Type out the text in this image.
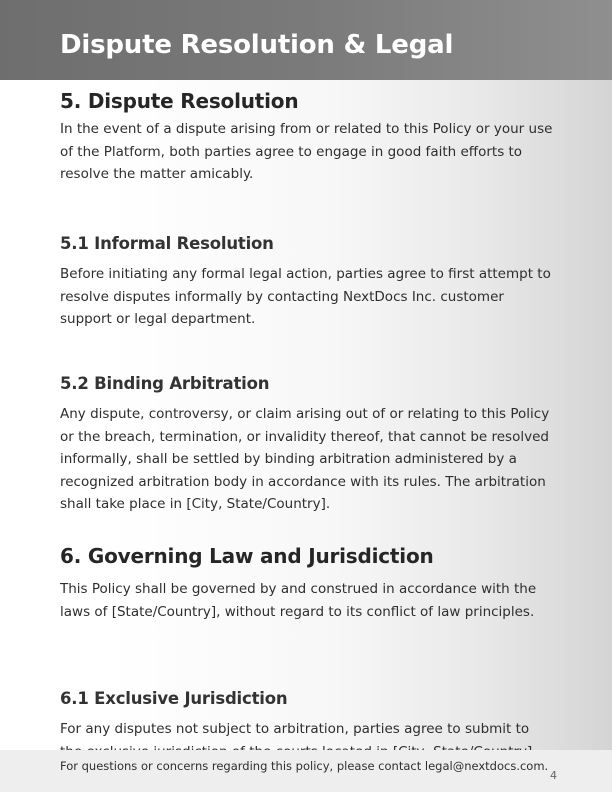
Dispute Resolution & Legal
5. Dispute Resolution
In the event of a dispute arising from or related to this Policy or your use of the Platform, both parties agree to engage in good faith efforts to resolve the matter amicably.
5.1 Informal Resolution
Before initiating any formal legal action, parties agree to first attempt to resolve disputes informally by contacting NextDocs Inc. customer support or legal department.
5.2 Binding Arbitration
Any dispute, controversy, or claim arising out of or relating to this Policy or the breach, termination, or invalidity thereof, that cannot be resolved informally, shall be settled by binding arbitration administered by a recognized arbitration body in accordance with its rules. The arbitration shall take place in [City, State/Country].
6. Governing Law and Jurisdiction
This Policy shall be governed by and construed in accordance with the laws of [State/Country], without regard to its conflict of law principles.
6.1 Exclusive Jurisdiction
For any disputes not subject to arbitration, parties agree to submit to
For questions or concerns regarding this policy, please contact legal@nextdocs.com.
4
